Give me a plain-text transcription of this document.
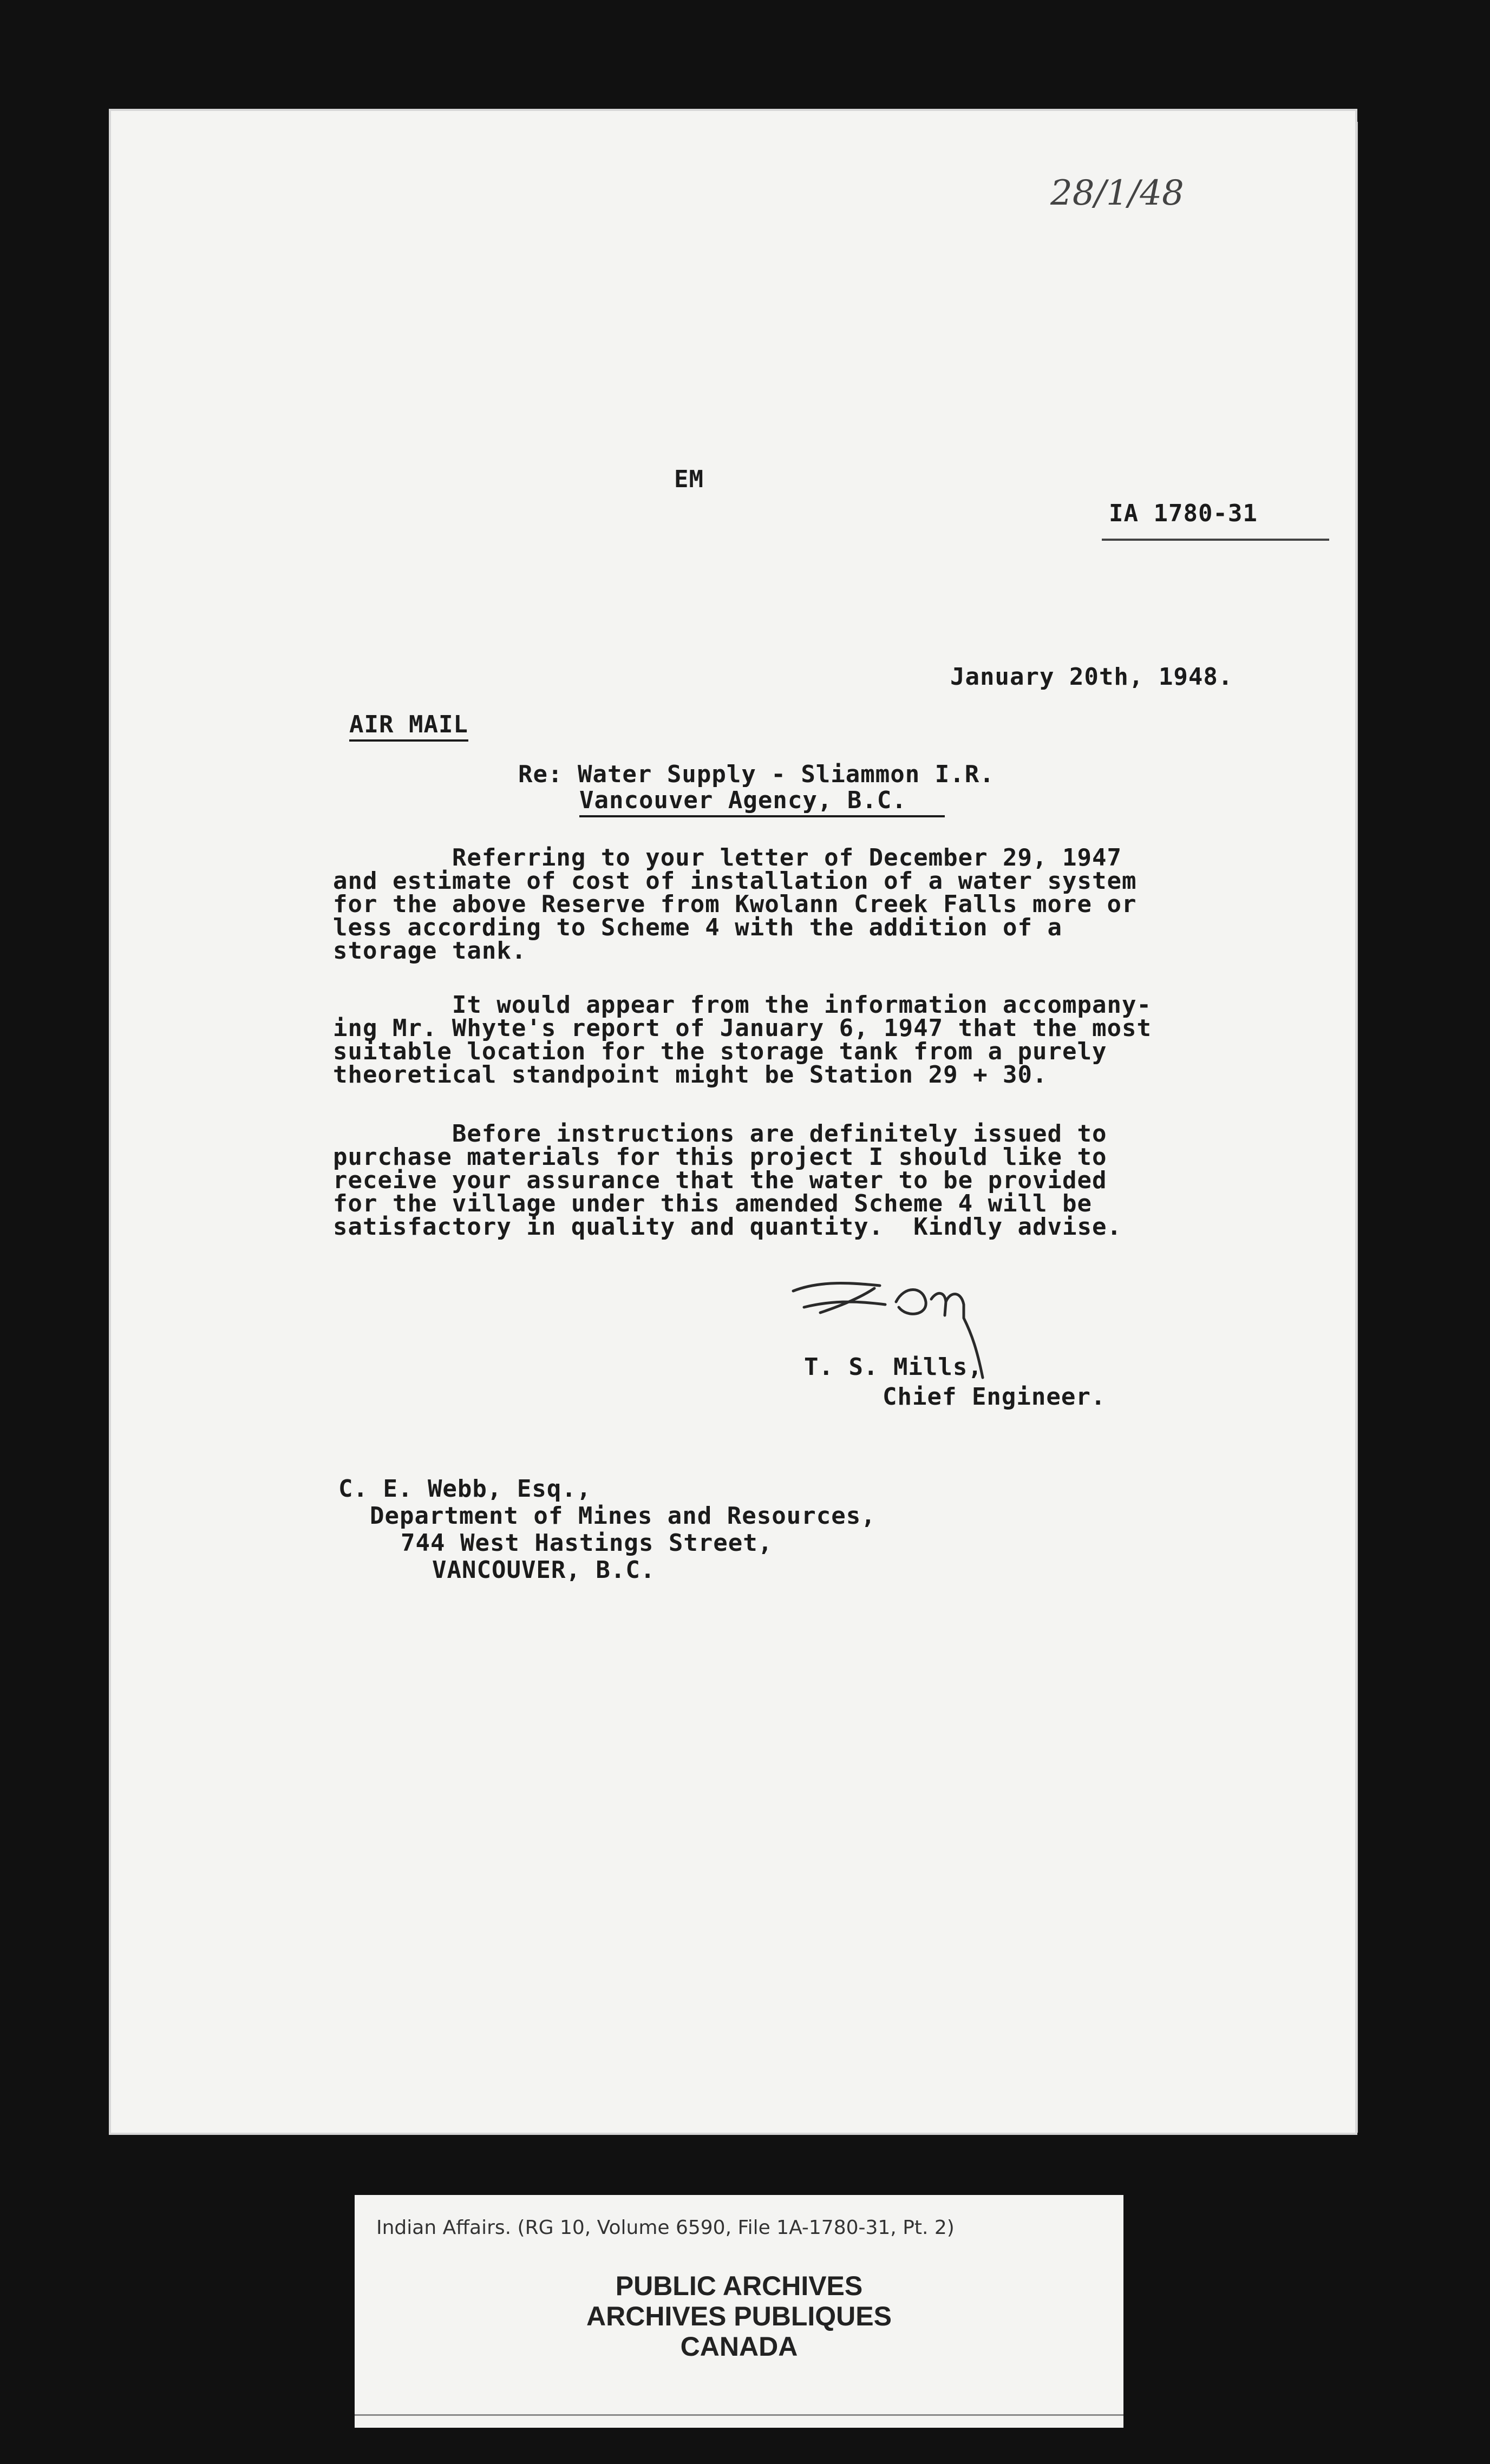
28/1/48
EM
IA 1780-31
January 20th, 1948.
AIR MAIL
Re: Water Supply - Sliammon I.R.
Vancouver Agency, B.C.
Referring to your letter of December 29, 1947
and estimate of cost of installation of a water system
for the above Reserve from Kwolann Creek Falls more or
less according to Scheme 4 with the addition of a
storage tank.
It would appear from the information accompany-
ing Mr. Whyte's report of January 6, 1947 that the most
suitable location for the storage tank from a purely
theoretical standpoint might be Station 29 + 30.
Before instructions are definitely issued to
purchase materials for this project I should like to
receive your assurance that the water to be provided
for the village under this amended Scheme 4 will be
satisfactory in quality and quantity.  Kindly advise.
T. S. Mills,
Chief Engineer.
C. E. Webb, Esq.,
Department of Mines and Resources,
744 West Hastings Street,
VANCOUVER, B.C.
Indian Affairs. (RG 10, Volume 6590, File 1A-1780-31, Pt. 2)
PUBLIC ARCHIVES
ARCHIVES PUBLIQUES
CANADA
